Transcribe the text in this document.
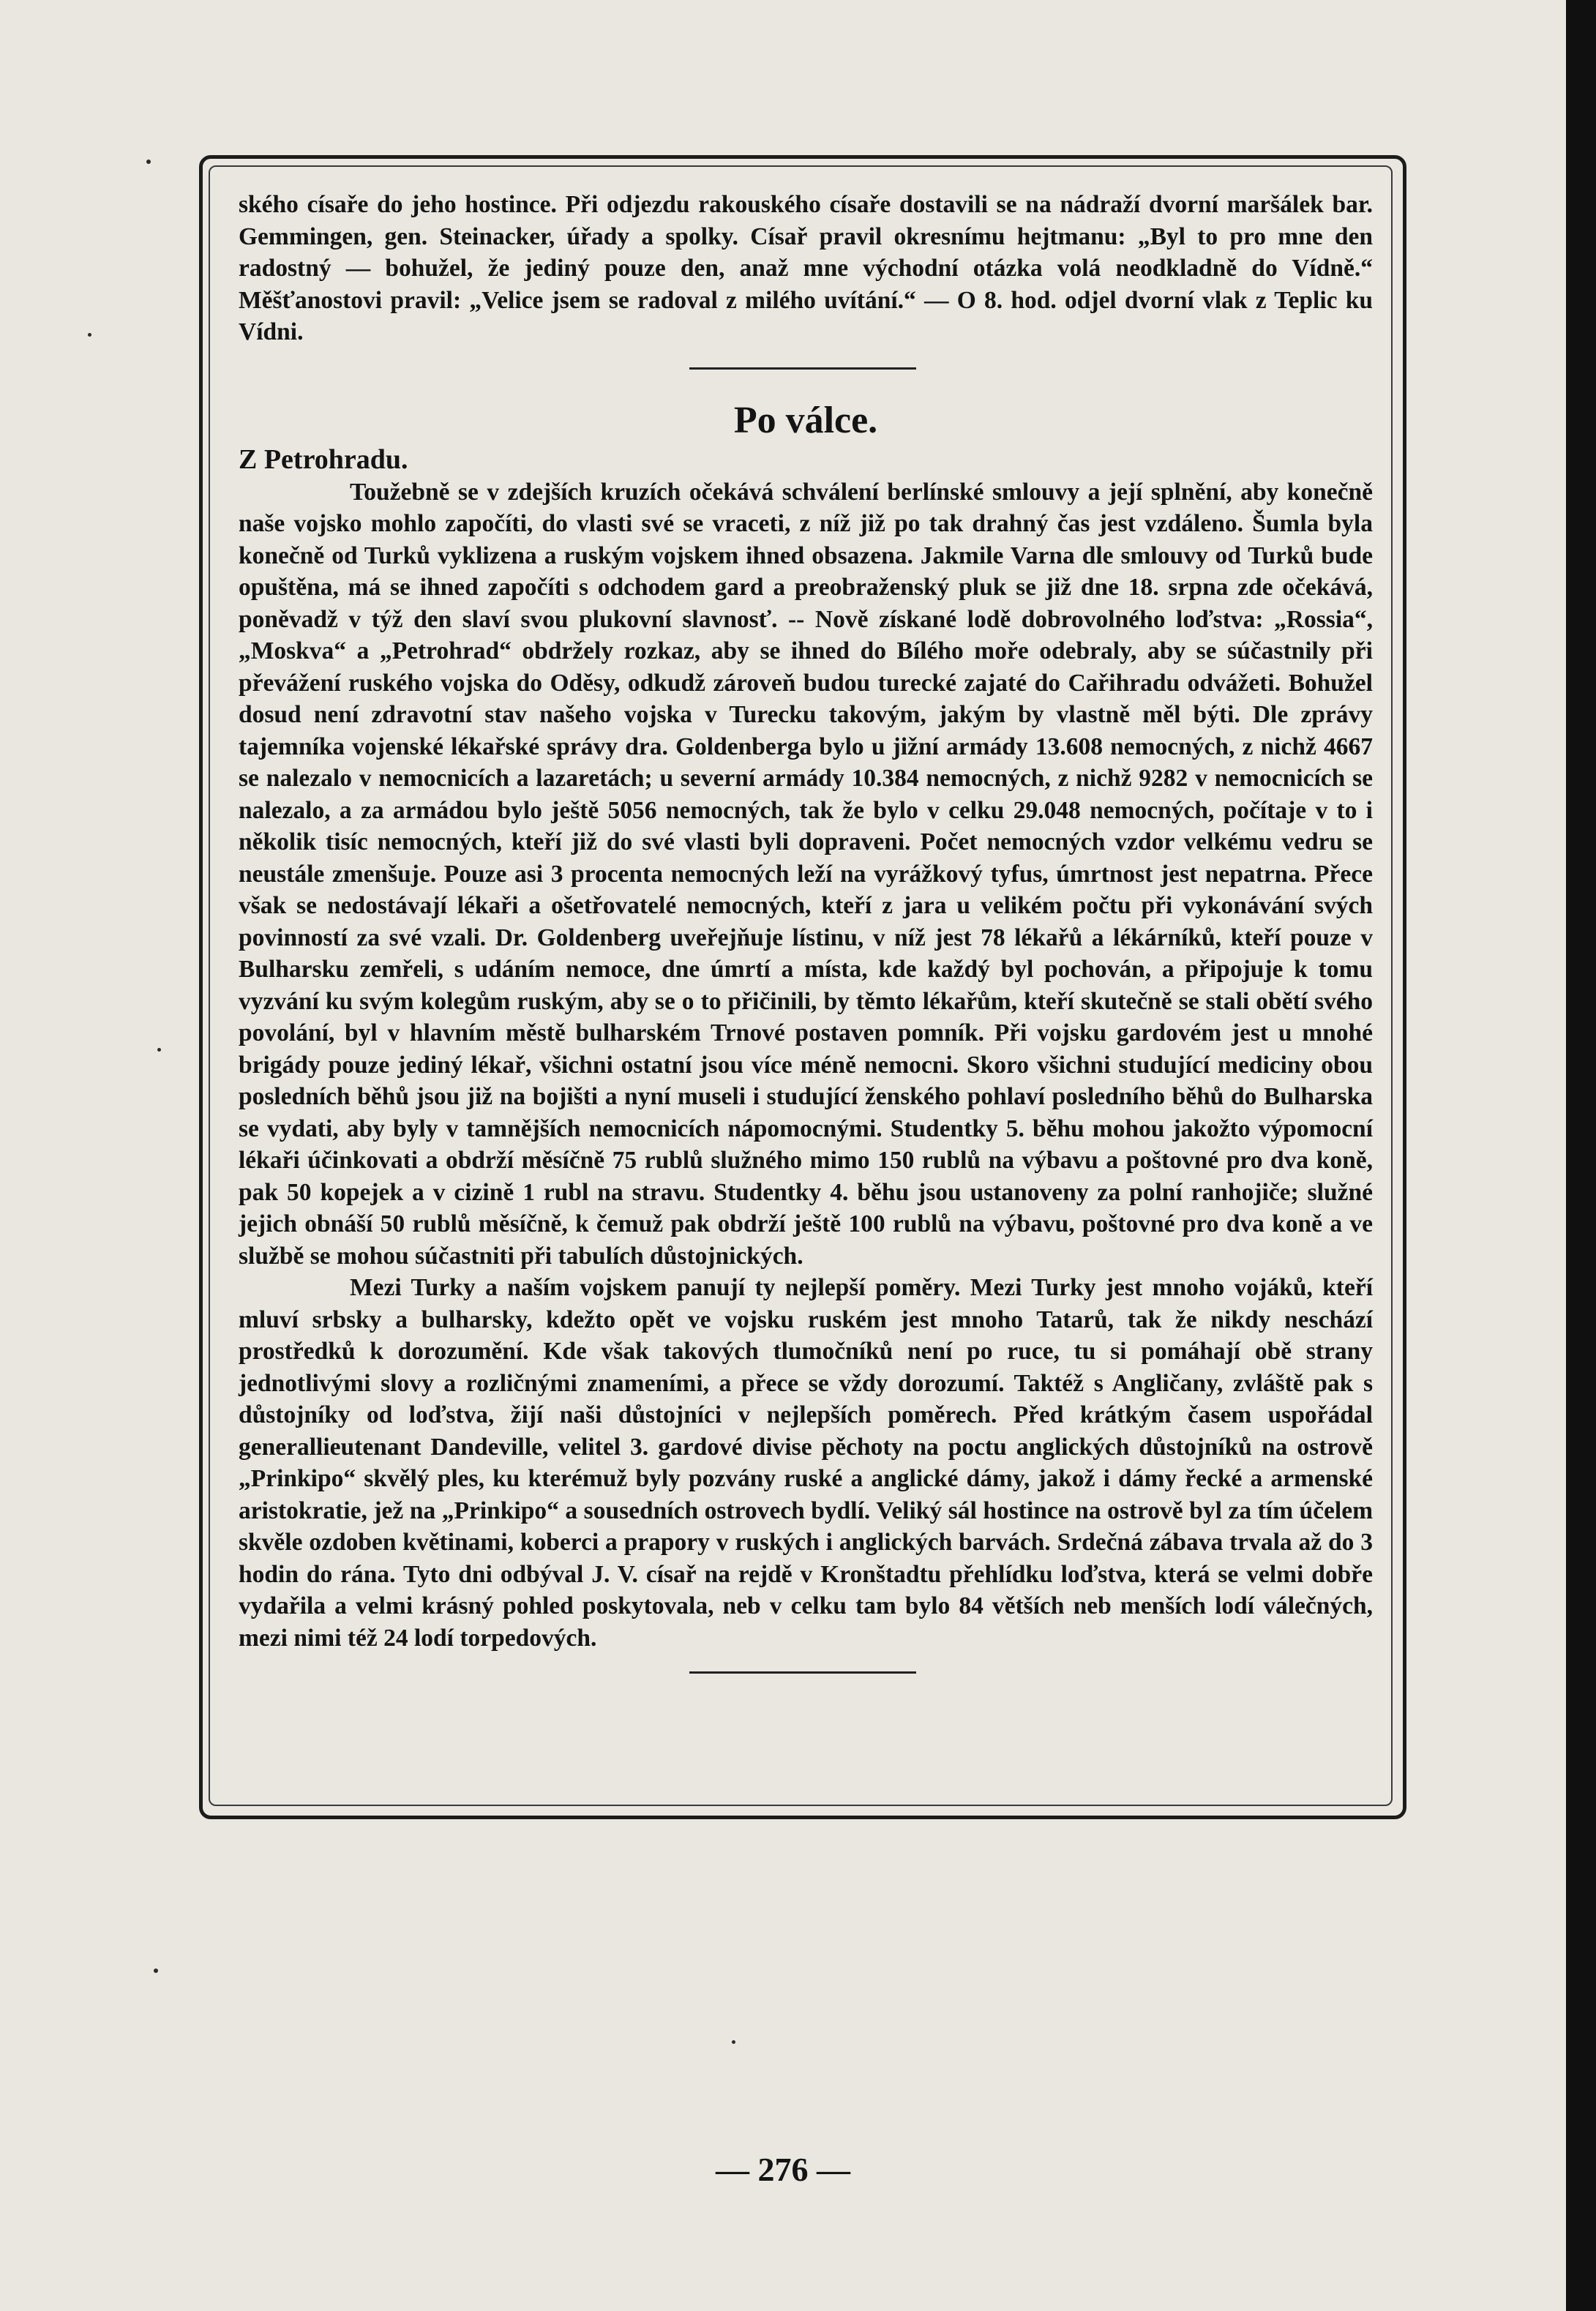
ského císaře do jeho hostince. Při odjezdu rakouského císaře dostavili se na nádraží dvorní maršálek bar. Gemmingen, gen. Steinacker, úřady a spolky. Císař pravil okresnímu hejtmanu: „Byl to pro mne den radostný — bohužel, že jediný pouze den, anaž mne východní otázka volá neodkladně do Vídně.“ Měšťanostovi pravil: „Velice jsem se radoval z milého uvítání.“ — O 8. hod. odjel dvorní vlak z Teplic ku Vídni.

Po válce.

Z Petrohradu.

Toužebně se v zdejších kruzích očekává schválení berlínské smlouvy a její splnění, aby konečně naše vojsko mohlo započíti, do vlasti své se vraceti, z níž již po tak drahný čas jest vzdáleno. Šumla byla konečně od Turků vyklizena a ruským vojskem ihned obsazena. Jakmile Varna dle smlouvy od Turků bude opuštěna, má se ihned započíti s odchodem gard a preobraženský pluk se již dne 18. srpna zde očekává, poněvadž v týž den slaví svou plukovní slavnosť. -- Nově získané lodě dobrovolného loďstva: „Rossia“, „Moskva“ a „Petrohrad“ obdržely rozkaz, aby se ihned do Bílého moře odebraly, aby se súčastnily při převážení ruského vojska do Oděsy, odkudž zároveň budou turecké zajaté do Cařihradu odvážeti. Bohužel dosud není zdravotní stav našeho vojska v Turecku takovým, jakým by vlastně měl býti. Dle zprávy tajemníka vojenské lékařské správy dra. Goldenberga bylo u jižní armády 13.608 nemocných, z nichž 4667 se nalezalo v nemocnicích a lazaretách; u severní armády 10.384 nemocných, z nichž 9282 v nemocnicích se nalezalo, a za armádou bylo ještě 5056 nemocných, tak že bylo v celku 29.048 nemocných, počítaje v to i několik tisíc nemocných, kteří již do své vlasti byli dopraveni. Počet nemocných vzdor velkému vedru se neustále zmenšuje. Pouze asi 3 procenta nemocných leží na vyrážkový tyfus, úmrtnost jest nepatrna. Přece však se nedostávají lékaři a ošetřovatelé nemocných, kteří z jara u velikém počtu při vykonávání svých povinností za své vzali. Dr. Goldenberg uveřejňuje lístinu, v níž jest 78 lékařů a lékárníků, kteří pouze v Bulharsku zemřeli, s udáním nemoce, dne úmrtí a místa, kde každý byl pochován, a připojuje k tomu vyzvání ku svým kolegům ruským, aby se o to přičinili, by těmto lékařům, kteří skutečně se stali obětí svého povolání, byl v hlavním městě bulharském Trnové postaven pomník. Při vojsku gardovém jest u mnohé brigády pouze jediný lékař, všichni ostatní jsou více méně nemocni. Skoro všichni studující mediciny obou posledních běhů jsou již na bojišti a nyní museli i studující ženského pohlaví posledního běhů do Bulharska se vydati, aby byly v tamnějších nemocnicích nápomocnými. Studentky 5. běhu mohou jakožto výpomocní lékaři účinkovati a obdrží měsíčně 75 rublů služného mimo 150 rublů na výbavu a poštovné pro dva koně, pak 50 kopejek a v cizině 1 rubl na stravu. Studentky 4. běhu jsou ustanoveny za polní ranhojiče; služné jejich obnáší 50 rublů měsíčně, k čemuž pak obdrží ještě 100 rublů na výbavu, poštovné pro dva koně a ve službě se mohou súčastniti při tabulích důstojnických.

Mezi Turky a naším vojskem panují ty nejlepší poměry. Mezi Turky jest mnoho vojáků, kteří mluví srbsky a bulharsky, kdežto opět ve vojsku ruském jest mnoho Tatarů, tak že nikdy neschází prostředků k dorozumění. Kde však takových tlumočníků není po ruce, tu si pomáhají obě strany jednotlivými slovy a rozličnými znameními, a přece se vždy dorozumí. Taktéž s Angličany, zvláště pak s důstojníky od loďstva, žijí naši důstojníci v nejlepších poměrech. Před krátkým časem uspořádal generallieutenant Dandeville, velitel 3. gardové divise pěchoty na poctu anglických důstojníků na ostrově „Prinkipo“ skvělý ples, ku kterémuž byly pozvány ruské a anglické dámy, jakož i dámy řecké a armenské aristokratie, jež na „Prinkipo“ a sousedních ostrovech bydlí. Veliký sál hostince na ostrově byl za tím účelem skvěle ozdoben květinami, koberci a prapory v ruských i anglických barvách. Srdečná zábava trvala až do 3 hodin do rána. Tyto dni odbýval J. V. císař na rejdě v Kronštadtu přehlídku loďstva, která se velmi dobře vydařila a velmi krásný pohled poskytovala, neb v celku tam bylo 84 větších neb menších lodí válečných, mezi nimi též 24 lodí torpedových.

— 276 —
